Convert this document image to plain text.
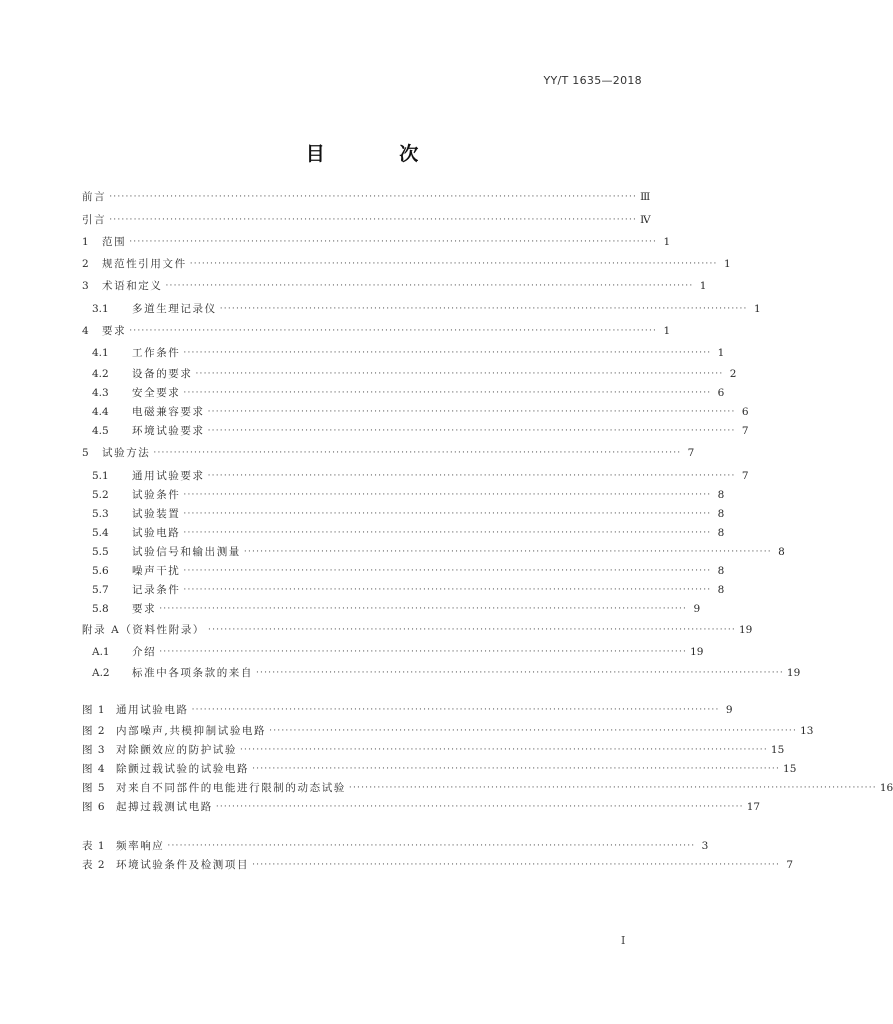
YY/T 1635—2018
目 次
前言 ·································································································································· Ⅲ
引言 ·································································································································· Ⅳ
1	范围 ·································································································································· 1
2	规范性引用文件 ·································································································································· 1
3	术语和定义 ·································································································································· 1
3.1	多道生理记录仪 ·································································································································· 1
4	要求 ·································································································································· 1
4.1	工作条件 ·································································································································· 1
4.2	设备的要求 ·································································································································· 2
4.3	安全要求 ·································································································································· 6
4.4	电磁兼容要求 ·································································································································· 6
4.5	环境试验要求 ·································································································································· 7
5	试验方法 ·································································································································· 7
5.1	通用试验要求 ·································································································································· 7
5.2	试验条件 ·································································································································· 8
5.3	试验装置 ·································································································································· 8
5.4	试验电路 ·································································································································· 8
5.5	试验信号和输出测量 ·································································································································· 8
5.6	噪声干扰 ·································································································································· 8
5.7	记录条件 ·································································································································· 8
5.8	要求 ·································································································································· 9
附录 A（资料性附录） ·································································································································· 19
A.1	介绍 ·································································································································· 19
A.2	标准中各项条款的来自 ·································································································································· 19
图 1 通用试验电路 ·································································································································· 9
图 2 内部噪声,共模抑制试验电路 ·································································································································· 13
图 3 对除颤效应的防护试验 ·································································································································· 15
图 4 除颤过载试验的试验电路 ·································································································································· 15
图 5 对来自不同部件的电能进行限制的动态试验 ·································································································································· 16
图 6 起搏过载测试电路 ·································································································································· 17
表 1 频率响应 ·································································································································· 3
表 2 环境试验条件及检测项目 ·································································································································· 7
I
